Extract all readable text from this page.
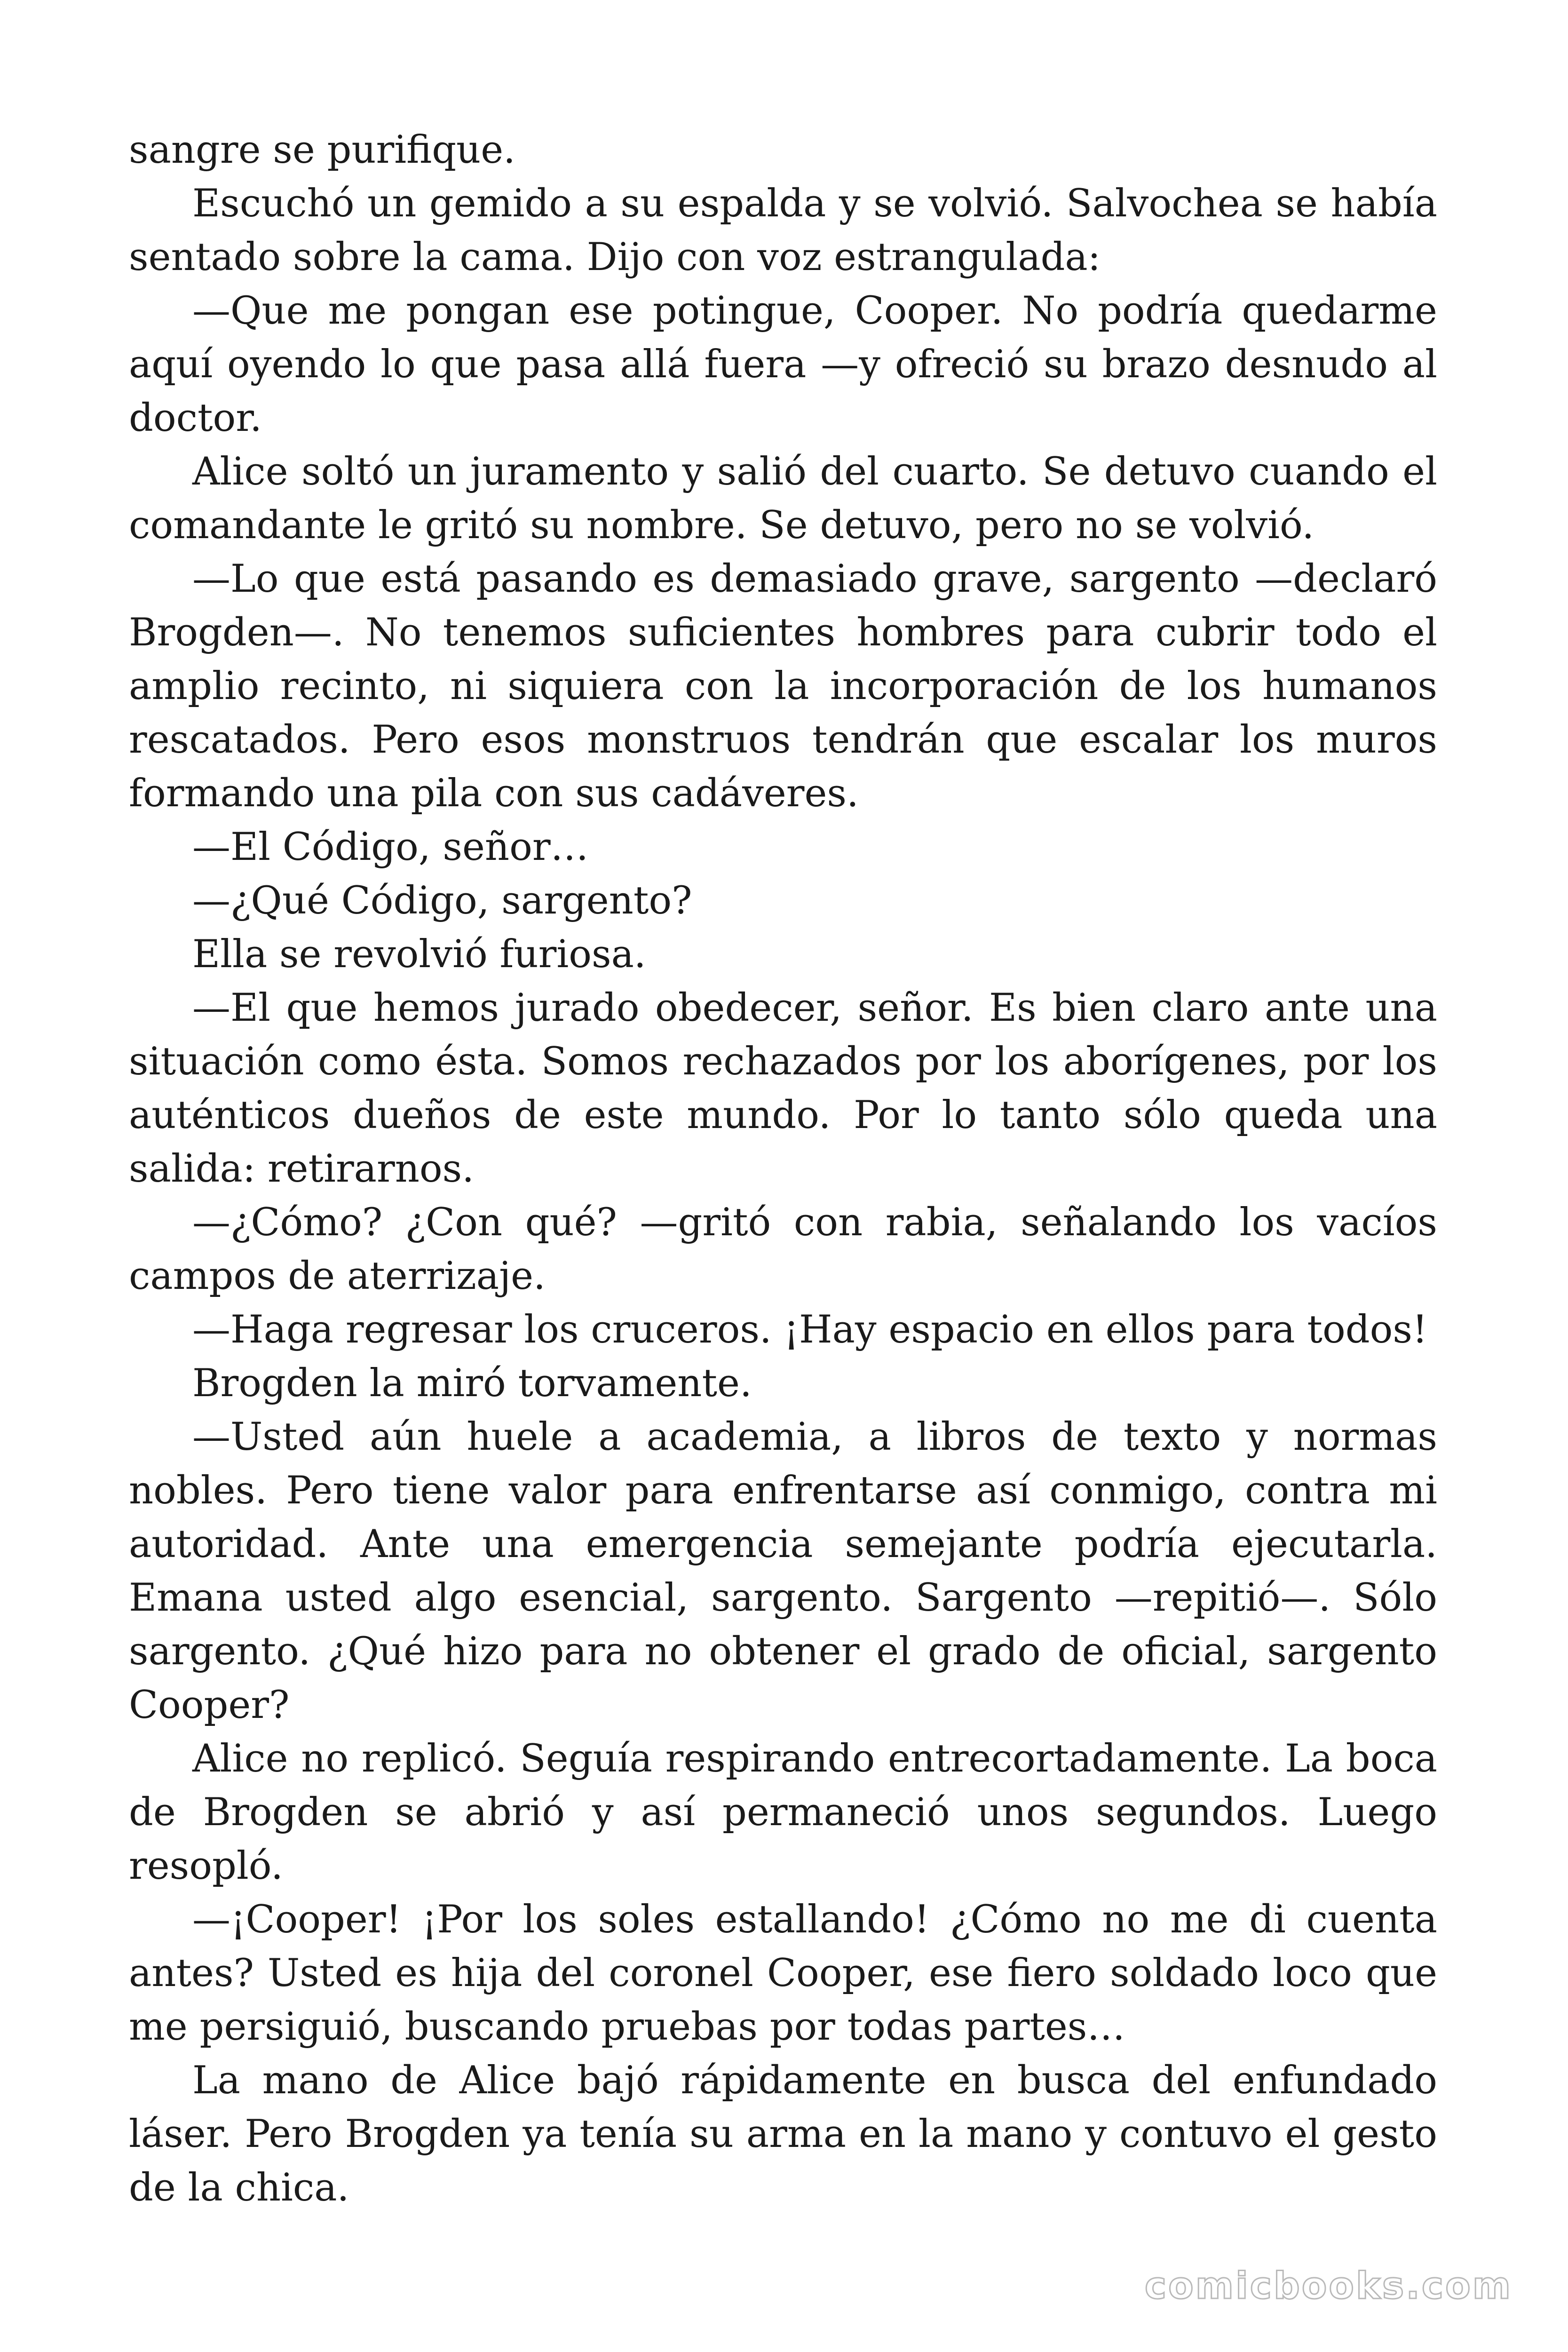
sangre se purifique.

Escuchó un gemido a su espalda y se volvió. Salvochea se había sentado sobre la cama. Dijo con voz estrangulada:

—Que me pongan ese potingue, Cooper. No podría quedarme aquí oyendo lo que pasa allá fuera —y ofreció su brazo desnudo al doctor.

Alice soltó un juramento y salió del cuarto. Se detuvo cuando el comandante le gritó su nombre. Se detuvo, pero no se volvió.

—Lo que está pasando es demasiado grave, sargento —declaró Brogden—. No tenemos suficientes hombres para cubrir todo el amplio recinto, ni siquiera con la incorporación de los humanos rescatados. Pero esos monstruos tendrán que escalar los muros formando una pila con sus cadáveres.

—El Código, señor…

—¿Qué Código, sargento?

Ella se revolvió furiosa.

—El que hemos jurado obedecer, señor. Es bien claro ante una situación como ésta. Somos rechazados por los aborígenes, por los auténticos dueños de este mundo. Por lo tanto sólo queda una salida: retirarnos.

—¿Cómo? ¿Con qué? —gritó con rabia, señalando los vacíos campos de aterrizaje.

—Haga regresar los cruceros. ¡Hay espacio en ellos para todos!

Brogden la miró torvamente.

—Usted aún huele a academia, a libros de texto y normas nobles. Pero tiene valor para enfrentarse así conmigo, contra mi autoridad. Ante una emergencia semejante podría ejecutarla. Emana usted algo esencial, sargento. Sargento —repitió—. Sólo sargento. ¿Qué hizo para no obtener el grado de oficial, sargento Cooper?

Alice no replicó. Seguía respirando entrecortadamente. La boca de Brogden se abrió y así permaneció unos segundos. Luego resopló.

—¡Cooper! ¡Por los soles estallando! ¿Cómo no me di cuenta antes? Usted es hija del coronel Cooper, ese fiero soldado loco que me persiguió, buscando pruebas por todas partes…

La mano de Alice bajó rápidamente en busca del enfundado láser. Pero Brogden ya tenía su arma en la mano y contuvo el gesto de la chica.

comicbooks.com
